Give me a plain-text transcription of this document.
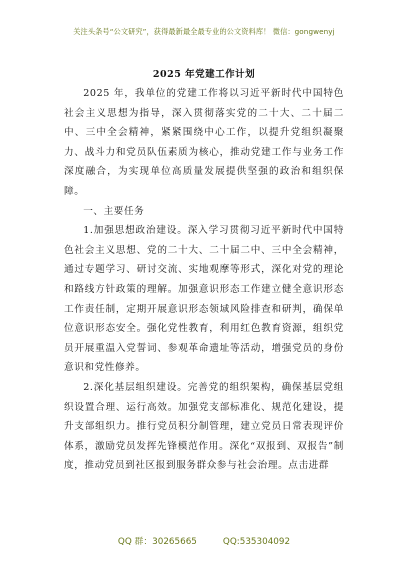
关注头条号“公文研究”，获得最新最全最专业的公文资料库！ 微信：gongwenyj
2025 年党建工作计划

2025 年，我单位的党建工作将以习近平新时代中国特色社会主义思想为指导，深入贯彻落实党的二十大、二十届二中、三中全会精神，紧紧围绕中心工作，以提升党组织凝聚力、战斗力和党员队伍素质为核心，推动党建工作与业务工作深度融合，为实现单位高质量发展提供坚强的政治和组织保障。

一、主要任务

1.加强思想政治建设。深入学习贯彻习近平新时代中国特色社会主义思想、党的二十大、二十届二中、三中全会精神，通过专题学习、研讨交流、实地观摩等形式，深化对党的理论和路线方针政策的理解。加强意识形态工作建立健全意识形态工作责任制，定期开展意识形态领域风险排查和研判，确保单位意识形态安全。强化党性教育，利用红色教育资源，组织党员开展重温入党誓词、参观革命遗址等活动，增强党员的身份意识和党性修养。

2.深化基层组织建设。完善党的组织架构，确保基层党组织设置合理、运行高效。加强党支部标准化、规范化建设，提升支部组织力。推行党员积分制管理，建立党员日常表现评价体系，激励党员发挥先锋模范作用。深化“双报到、双报告”制度，推动党员到社区报到服务群众参与社会治理。点击进群

QQ 群：30265665	QQ:535304092
